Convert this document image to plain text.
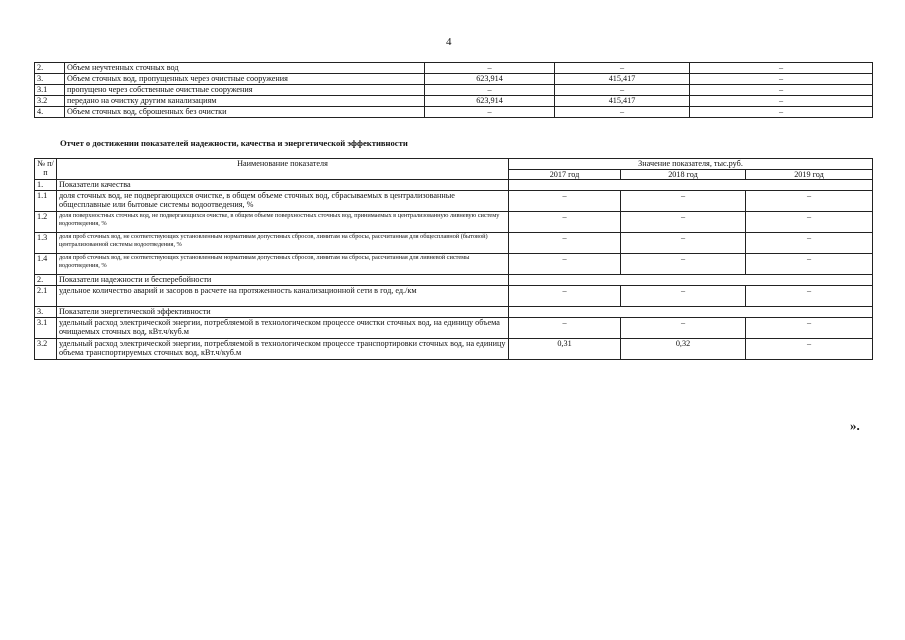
4
2.	Объем неучтенных сточных вод	–	–	–
3.	Объем сточных вод, пропущенных через очистные сооружения	623,914	415,417	–
3.1	пропущено через собственные очистные сооружения	–	–	–
3.2	передано на очистку другим канализациям	623,914	415,417	–
4.	Объем сточных вод, сброшенных без очистки	–	–	–
Отчет о достижении показателей надежности, качества и энергетической эффективности
№ п/п	Наименование показателя	Значение показателя, тыс.руб.		
		2017 год	2018 год	2019 год
1.	Показатели качества			
1.1	доля сточных вод, не подвергающихся очистке, в общем объеме сточных вод, сбрасываемых в централизованные общесплавные или бытовые системы водоотведения, %	–	–	–
1.2	доля поверхностных сточных вод, не подвергающихся очистке, в общем объеме поверхностных сточных вод, принимаемых в централизованную ливневую систему водоотведения, %	–	–	–
1.3	доля проб сточных вод, не соответствующих установленным нормативам допустимых сбросов, лимитам на сбросы, рассчитанная для общесплавной (бытовой) централизованной системы водоотведения, %	–	–	–
1.4	доля проб сточных вод, не соответствующих установленным нормативам допустимых сбросов, лимитам на сбросы, рассчитанная для ливневой системы водоотведения, %	–	–	–
2.	Показатели надежности и бесперебойности			
2.1	удельное количество аварий и засоров в расчете на протяженность канализационной сети в год, ед./км	–	–	–
3.	Показатели энергетической эффективности			
3.1	удельный расход электрической энергии, потребляемой в технологическом процессе очистки сточных вод, на единицу объема очищаемых сточных вод, кВт.ч/куб.м	–	–	–
3.2	удельный расход электрической энергии, потребляемой в технологическом процессе транспортировки сточных вод, на единицу объема транспортируемых сточных вод, кВт.ч/куб.м	0,31	0,32	–
».
